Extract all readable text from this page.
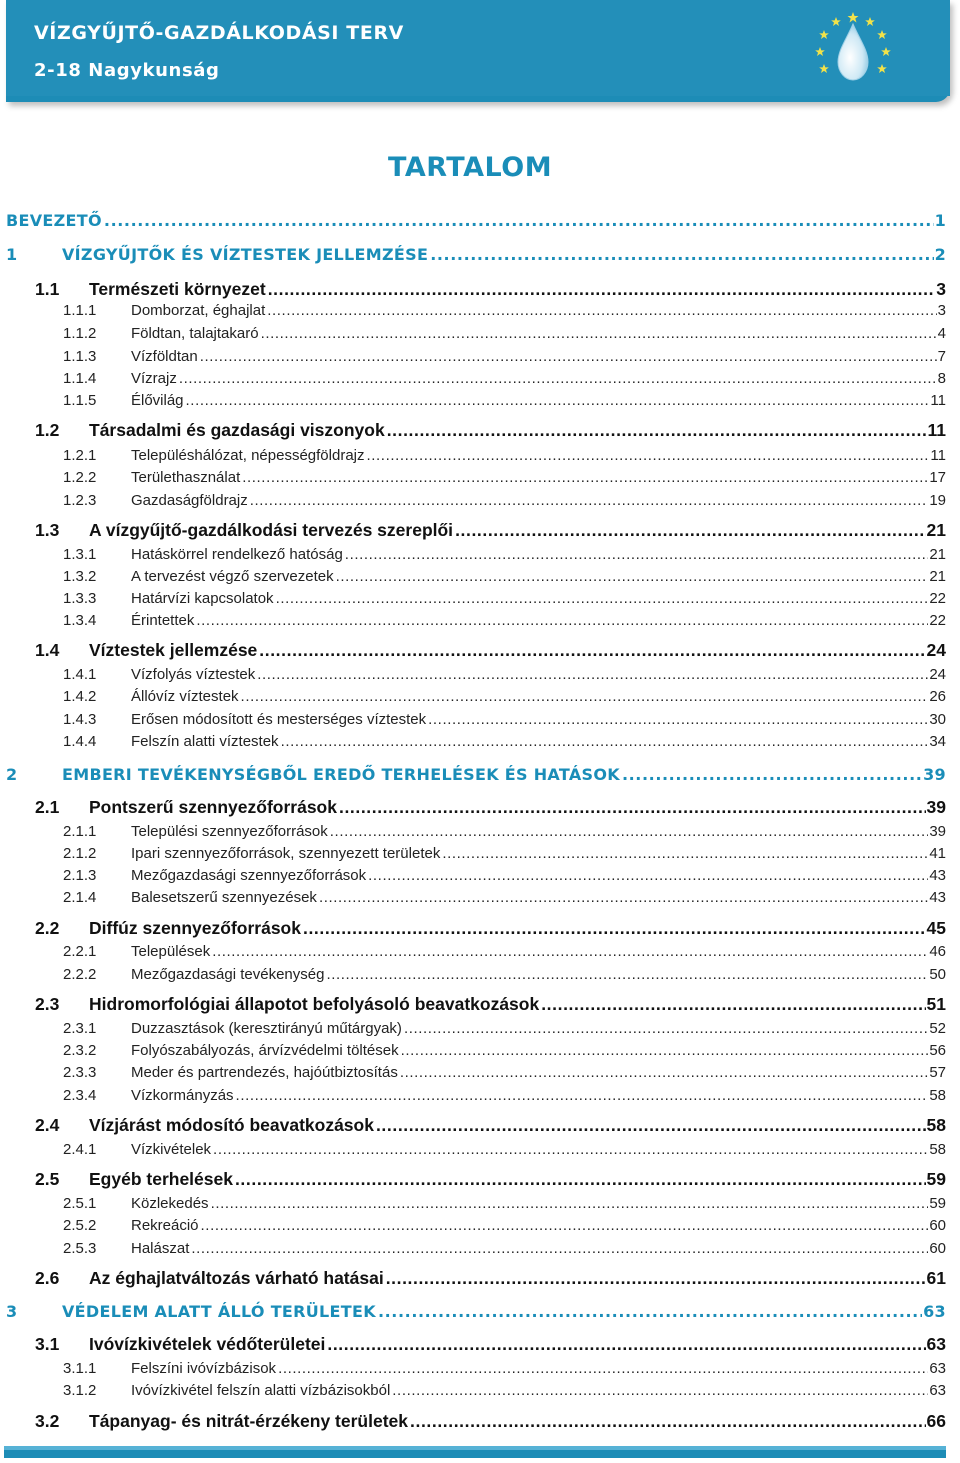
VÍZGYŰJTŐ-GAZDÁLKODÁSI TERV
2-18 Nagykunság
TARTALOM
BEVEZETŐ .....	1
1	VÍZGYŰJTŐK ÉS VÍZTESTEK JELLEMZÉSE .....	2
1.1	Természeti környezet .....	3
1.1.1	Domborzat, éghajlat .....	3
1.1.2	Földtan, talajtakaró .....	4
1.1.3	Vízföldtan .....	7
1.1.4	Vízrajz .....	8
1.1.5	Élővilág .....	11
1.2	Társadalmi és gazdasági viszonyok .....	11
1.2.1	Településhálózat, népességföldrajz .....	11
1.2.2	Területhasználat .....	17
1.2.3	Gazdaságföldrajz .....	19
1.3	A vízgyűjtő-gazdálkodási tervezés szereplői .....	21
1.3.1	Hatáskörrel rendelkező hatóság .....	21
1.3.2	A tervezést végző szervezetek .....	21
1.3.3	Határvízi kapcsolatok .....	22
1.3.4	Érintettek .....	22
1.4	Víztestek jellemzése .....	24
1.4.1	Vízfolyás víztestek .....	24
1.4.2	Állóvíz víztestek .....	26
1.4.3	Erősen módosított és mesterséges víztestek .....	30
1.4.4	Felszín alatti víztestek .....	34
2	EMBERI TEVÉKENYSÉGBŐL EREDŐ TERHELÉSEK ÉS HATÁSOK .....	39
2.1	Pontszerű szennyezőforrások .....	39
2.1.1	Települési szennyezőforrások .....	39
2.1.2	Ipari szennyezőforrások, szennyezett területek .....	41
2.1.3	Mezőgazdasági szennyezőforrások .....	43
2.1.4	Balesetszerű szennyezések .....	43
2.2	Diffúz szennyezőforrások .....	45
2.2.1	Települések .....	46
2.2.2	Mezőgazdasági tevékenység .....	50
2.3	Hidromorfológiai állapotot befolyásoló beavatkozások .....	51
2.3.1	Duzzasztások (keresztirányú műtárgyak) .....	52
2.3.2	Folyószabályozás, árvízvédelmi töltések .....	56
2.3.3	Meder és partrendezés, hajóútbiztosítás .....	57
2.3.4	Vízkormányzás .....	58
2.4	Vízjárást módosító beavatkozások .....	58
2.4.1	Vízkivételek .....	58
2.5	Egyéb terhelések .....	59
2.5.1	Közlekedés .....	59
2.5.2	Rekreáció .....	60
2.5.3	Halászat .....	60
2.6	Az éghajlatváltozás várható hatásai .....	61
3	VÉDELEM ALATT ÁLLÓ TERÜLETEK .....	63
3.1	Ivóvízkivételek védőterületei .....	63
3.1.1	Felszíni ivóvízbázisok .....	63
3.1.2	Ivóvízkivétel felszín alatti vízbázisokból .....	63
3.2	Tápanyag- és nitrát-érzékeny területek .....	66
